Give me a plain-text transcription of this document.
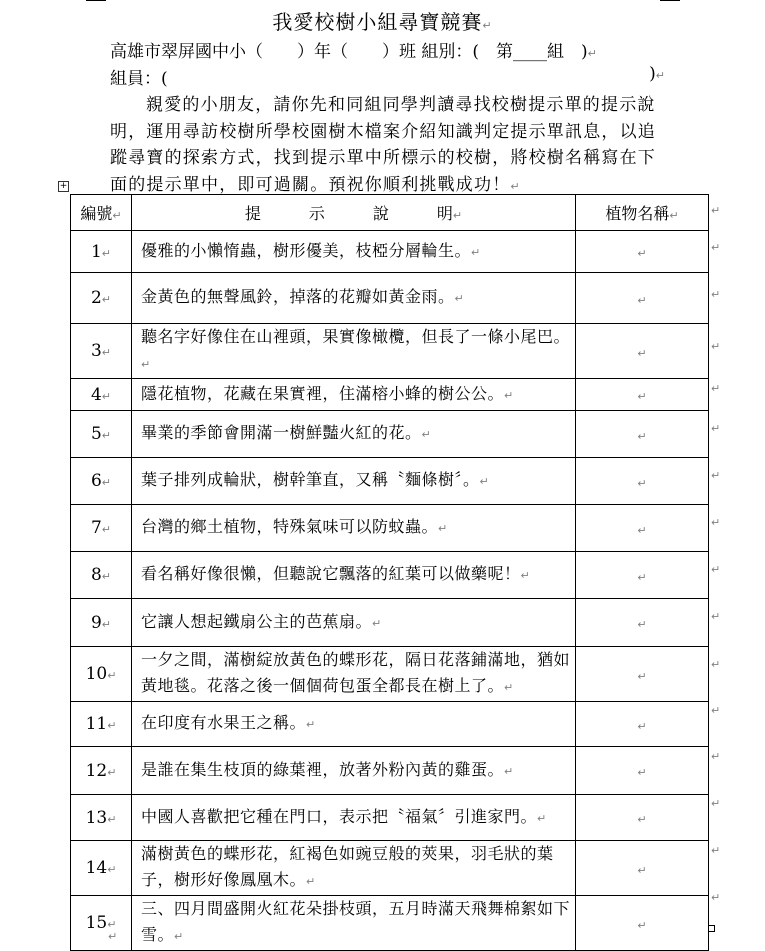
我愛校樹小組尋寶競賽↵
高雄市翠屏國中小（　　）年（　　）班 組別：(　第____組　)↵
組員：(	)↵
親愛的小朋友，請你先和同組同學判讀尋找校樹提示單的提示說明，運用尋訪校樹所學校園樹木檔案介紹知識判定提示單訊息，以追蹤尋寶的探索方式，找到提示單中所標示的校樹，將校樹名稱寫在下面的提示單中，即可過關。預祝你順利挑戰成功！↵
+
編號↵	提　　　示　　　說　　　明↵	植物名稱↵
1↵	優雅的小懶惰蟲，樹形優美，枝椏分層輪生。↵	↵
2↵	金黃色的無聲風鈴，掉落的花瓣如黃金雨。↵	↵
3↵	聽名字好像住在山裡頭，果實像橄欖，但長了一條小尾巴。↵	↵
4↵	隱花植物，花藏在果實裡，住滿榕小蜂的樹公公。↵	↵
5↵	畢業的季節會開滿一樹鮮豔火紅的花。↵	↵
6↵	葉子排列成輪狀，樹幹筆直，又稱〝麵條樹〞。↵	↵
7↵	台灣的鄉土植物，特殊氣味可以防蚊蟲。↵	↵
8↵	看名稱好像很懶，但聽說它飄落的紅葉可以做藥呢！↵	↵
9↵	它讓人想起鐵扇公主的芭蕉扇。↵	↵
10↵	一夕之間，滿樹綻放黃色的蝶形花，隔日花落鋪滿地，猶如黃地毯。花落之後一個個荷包蛋全都長在樹上了。↵	↵
11↵	在印度有水果王之稱。↵	↵
12↵	是誰在集生枝頂的綠葉裡，放著外粉內黃的雞蛋。↵	↵
13↵	中國人喜歡把它種在門口，表示把〝福氣〞引進家門。↵	↵
14↵	滿樹黃色的蝶形花，紅褐色如豌豆般的莢果，羽毛狀的葉子，樹形好像鳳凰木。↵	↵
15↵	三、四月間盛開火紅花朵掛枝頭，五月時滿天飛舞棉絮如下雪。↵	↵
↵
↵
↵
↵
↵
↵
↵
↵
↵
↵
↵
↵
↵
↵
↵
↵
↵
